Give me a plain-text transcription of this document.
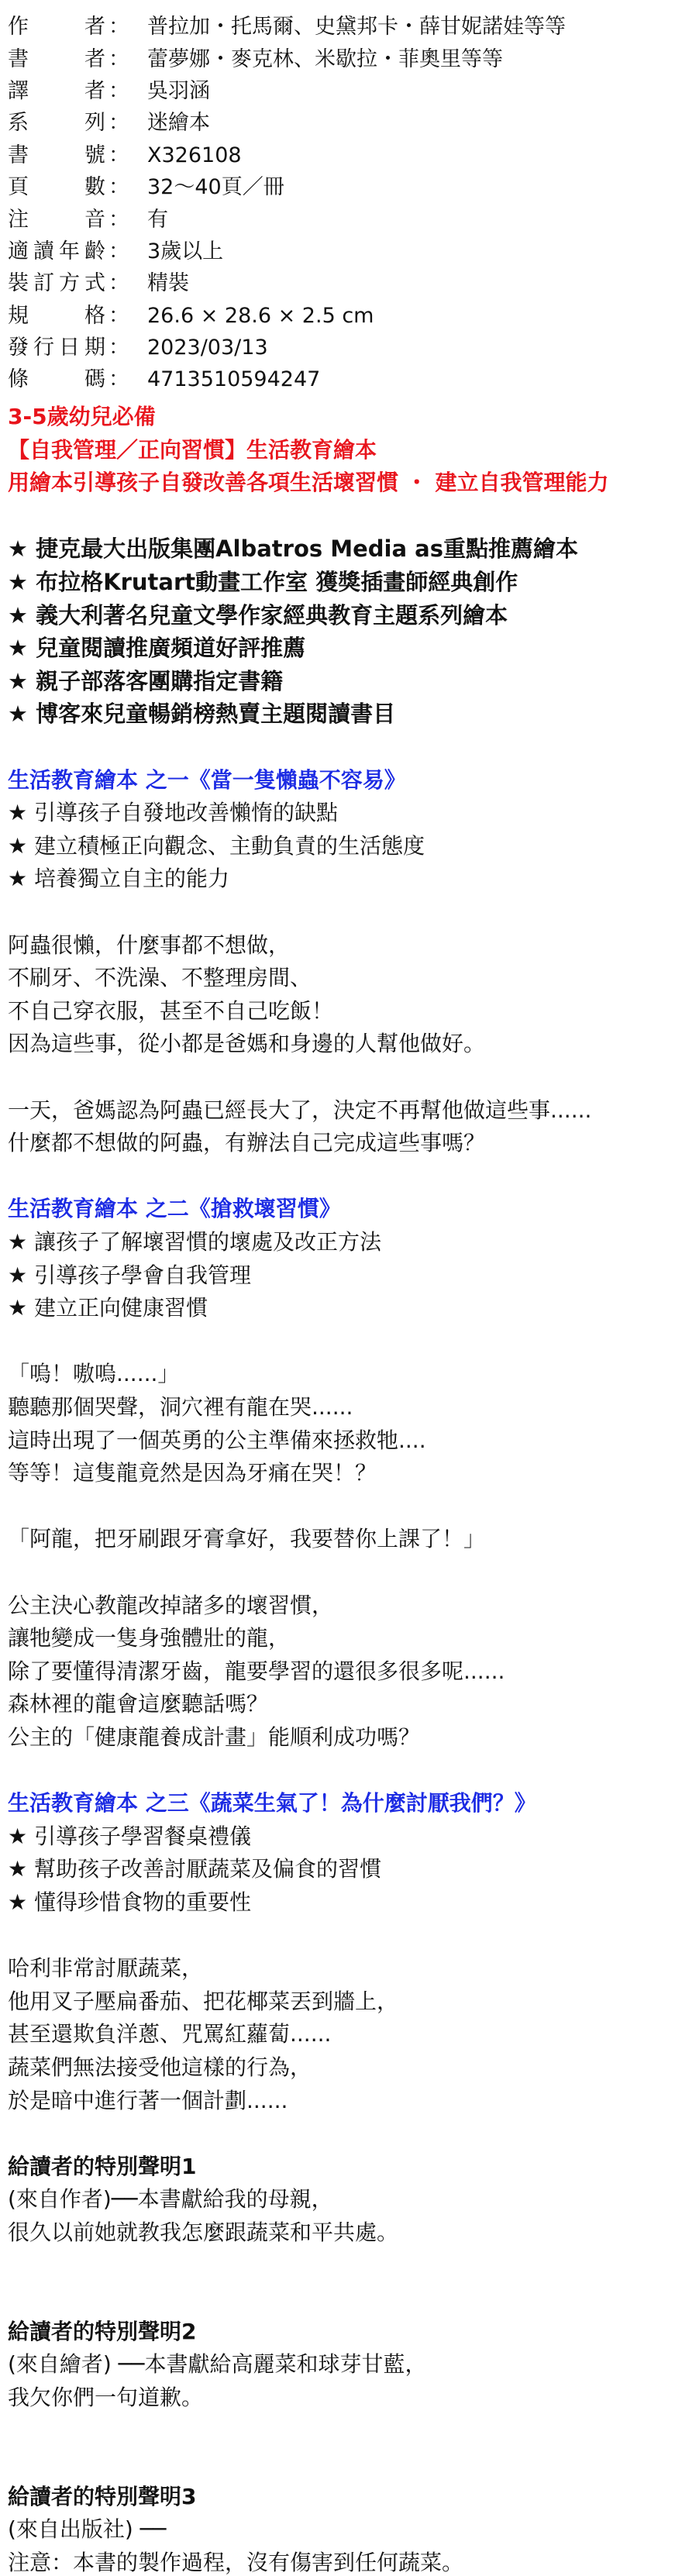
作	者 ： 普拉加・托馬爾、史黛邦卡・薛甘妮諾娃等等
書	者 ： 蕾夢娜・麥克林、米歇拉・菲奧里等等
譯	者 ： 吳羽涵
系	列 ： 迷繪本
書	號 ： X326108
頁	數 ： 32～40頁／冊
注	音 ： 有
適 讀 年 齡 ： 3歲以上
裝 訂 方 式 ： 精裝
規	格 ： 26.6 × 28.6 × 2.5 cm
發 行 日 期 ： 2023/03/13
條	碼 ： 4713510594247
3-5歲幼兒必備
【自我管理／正向習慣】生活教育繪本
用繪本引導孩子自發改善各項生活壞習慣 ・ 建立自我管理能力
★ 捷克最大出版集團Albatros Media as重點推薦繪本
★ 布拉格Krutart動畫工作室 獲獎插畫師經典創作
★ 義大利著名兒童文學作家經典教育主題系列繪本
★ 兒童閱讀推廣頻道好評推薦
★ 親子部落客團購指定書籍
★ 博客來兒童暢銷榜熱賣主題閱讀書目
生活教育繪本 之一《當一隻懶蟲不容易》
★ 引導孩子自發地改善懶惰的缺點
★ 建立積極正向觀念、主動負責的生活態度
★ 培養獨立自主的能力
阿蟲很懶，什麼事都不想做，
不刷牙、不洗澡、不整理房間、
不自己穿衣服，甚至不自己吃飯！
因為這些事，從小都是爸媽和身邊的人幫他做好。
一天，爸媽認為阿蟲已經長大了，決定不再幫他做這些事......
什麼都不想做的阿蟲，有辦法自己完成這些事嗎？
生活教育繪本 之二《搶救壞習慣》
★ 讓孩子了解壞習慣的壞處及改正方法
★ 引導孩子學會自我管理
★ 建立正向健康習慣
「嗚！嗷嗚......」
聽聽那個哭聲，洞穴裡有龍在哭......
這時出現了一個英勇的公主準備來拯救牠....
等等！這隻龍竟然是因為牙痛在哭！？
「阿龍，把牙刷跟牙膏拿好，我要替你上課了！」
公主決心教龍改掉諸多的壞習慣，
讓牠變成一隻身強體壯的龍，
除了要懂得清潔牙齒，龍要學習的還很多很多呢......
森林裡的龍會這麼聽話嗎？
公主的「健康龍養成計畫」能順利成功嗎？
生活教育繪本 之三《蔬菜生氣了！為什麼討厭我們？》
★ 引導孩子學習餐桌禮儀
★ 幫助孩子改善討厭蔬菜及偏食的習慣
★ 懂得珍惜食物的重要性
哈利非常討厭蔬菜，
他用叉子壓扁番茄、把花椰菜丟到牆上，
甚至還欺負洋蔥、咒罵紅蘿蔔......
蔬菜們無法接受他這樣的行為，
於是暗中進行著一個計劃......
給讀者的特別聲明1
(來自作者)──本書獻給我的母親，
很久以前她就教我怎麼跟蔬菜和平共處。
給讀者的特別聲明2
(來自繪者) ──本書獻給高麗菜和球芽甘藍，
我欠你們一句道歉。
給讀者的特別聲明3
(來自出版社) ──
注意：本書的製作過程，沒有傷害到任何蔬菜。
